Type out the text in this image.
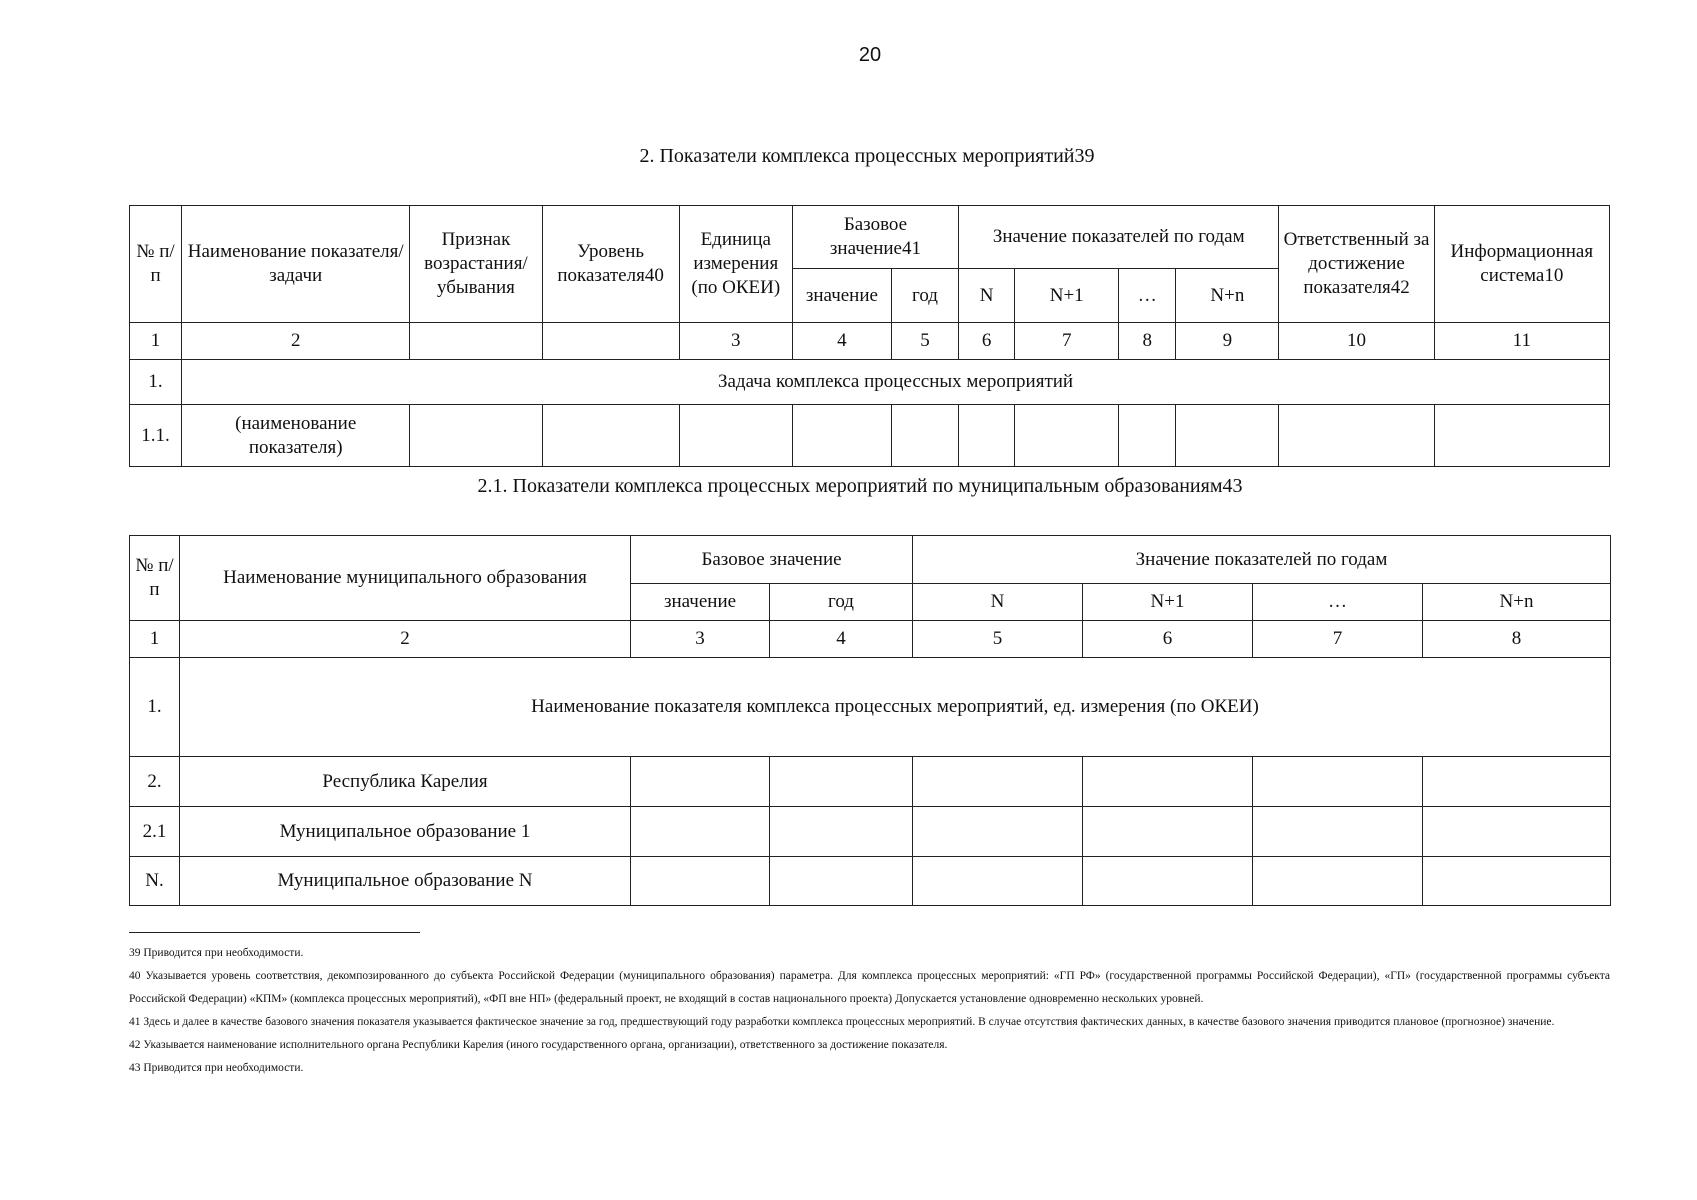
20
2. Показатели комплекса процессных мероприятий39
№ п/п	Наименование показателя/задачи	Признак возрастания/ убывания	Уровень показателя40	Единица измерения (по ОКЕИ)	Базовое значение41		Значение показателей по годам				Ответственный за достижение показателя42	Информационная система10
					значение	год	N	N+1	…	N+n		
1	2			3	4	5	6	7	8	9	10	11
1.	Задача комплекса процессных мероприятий											
1.1.	(наименование показателя)											
2.1. Показатели комплекса процессных мероприятий по муниципальным образованиям43
№ п/п	Наименование муниципального образования	Базовое значение		Значение показателей по годам			
		значение	год	N	N+1	…	N+n
1	2	3	4	5	6	7	8
1.	Наименование показателя комплекса процессных мероприятий, ед. измерения (по ОКЕИ)						
2.	Республика Карелия						
2.1	Муниципальное образование 1						
N.	Муниципальное образование N						

39 Приводится при необходимости.

40 Указывается уровень соответствия, декомпозированного до субъекта Российской Федерации (муниципального образования) параметра. Для комплекса процессных мероприятий: «ГП РФ» (государственной программы Российской Федерации), «ГП» (государственной программы субъекта Российской Федерации) «КПМ» (комплекса процессных мероприятий), «ФП вне НП» (федеральный проект, не входящий в состав национального проекта) Допускается установление одновременно нескольких уровней.

41 Здесь и далее в качестве базового значения показателя указывается фактическое значение за год, предшествующий году разработки комплекса процессных мероприятий. В случае отсутствия фактических данных, в качестве базового значения приводится плановое (прогнозное) значение.

42 Указывается наименование исполнительного органа Республики Карелия (иного государственного органа, организации), ответственного за достижение показателя.

43 Приводится при необходимости.
